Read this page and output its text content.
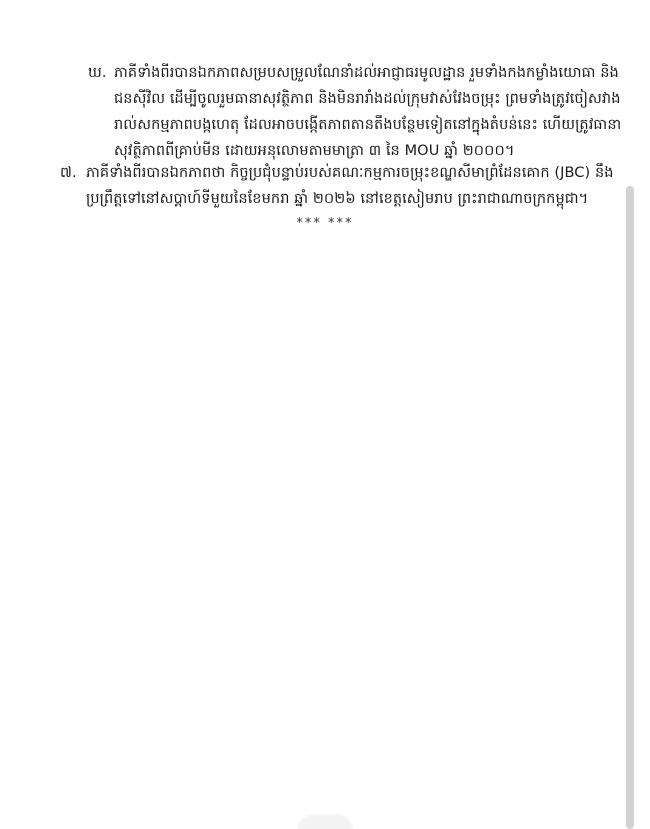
ឃ. ភាគីទាំងពីរបានឯកភាពសម្របសម្រួលណែនាំដល់អាជ្ញាធរមូលដ្ឋាន រួមទាំងកងកម្លាំងយោធា និង
ជនស៊ីវិល ដើម្បីចូលរួមធានាសុវត្ថិភាព និងមិនរារាំងដល់ក្រុមវាស់វែងចម្រុះ ព្រមទាំងត្រូវចៀសវាង
រាល់សកម្មភាពបង្កហេតុ ដែលអាចបង្កើតភាពតានតឹងបន្ថែមទៀតនៅក្នុងតំបន់នេះ ហើយត្រូវធានា
សុវត្ថិភាពពីគ្រាប់មីន ដោយអនុលោមតាមមាត្រា ៣ នៃ MOU ឆ្នាំ ២០០០។
៧. ភាគីទាំងពីរបានឯកភាពថា កិច្ចប្រជុំបន្ទាប់របស់គណៈកម្មការចម្រុះខណ្ឌសីមាព្រំដែនគោក (JBC) នឹង
ប្រព្រឹត្តទៅនៅសប្តាហ៍ទីមួយនៃខែមករា ឆ្នាំ ២០២៦ នៅខេត្តសៀមរាប ព្រះរាជាណាចក្រកម្ពុជា។
*** ***
